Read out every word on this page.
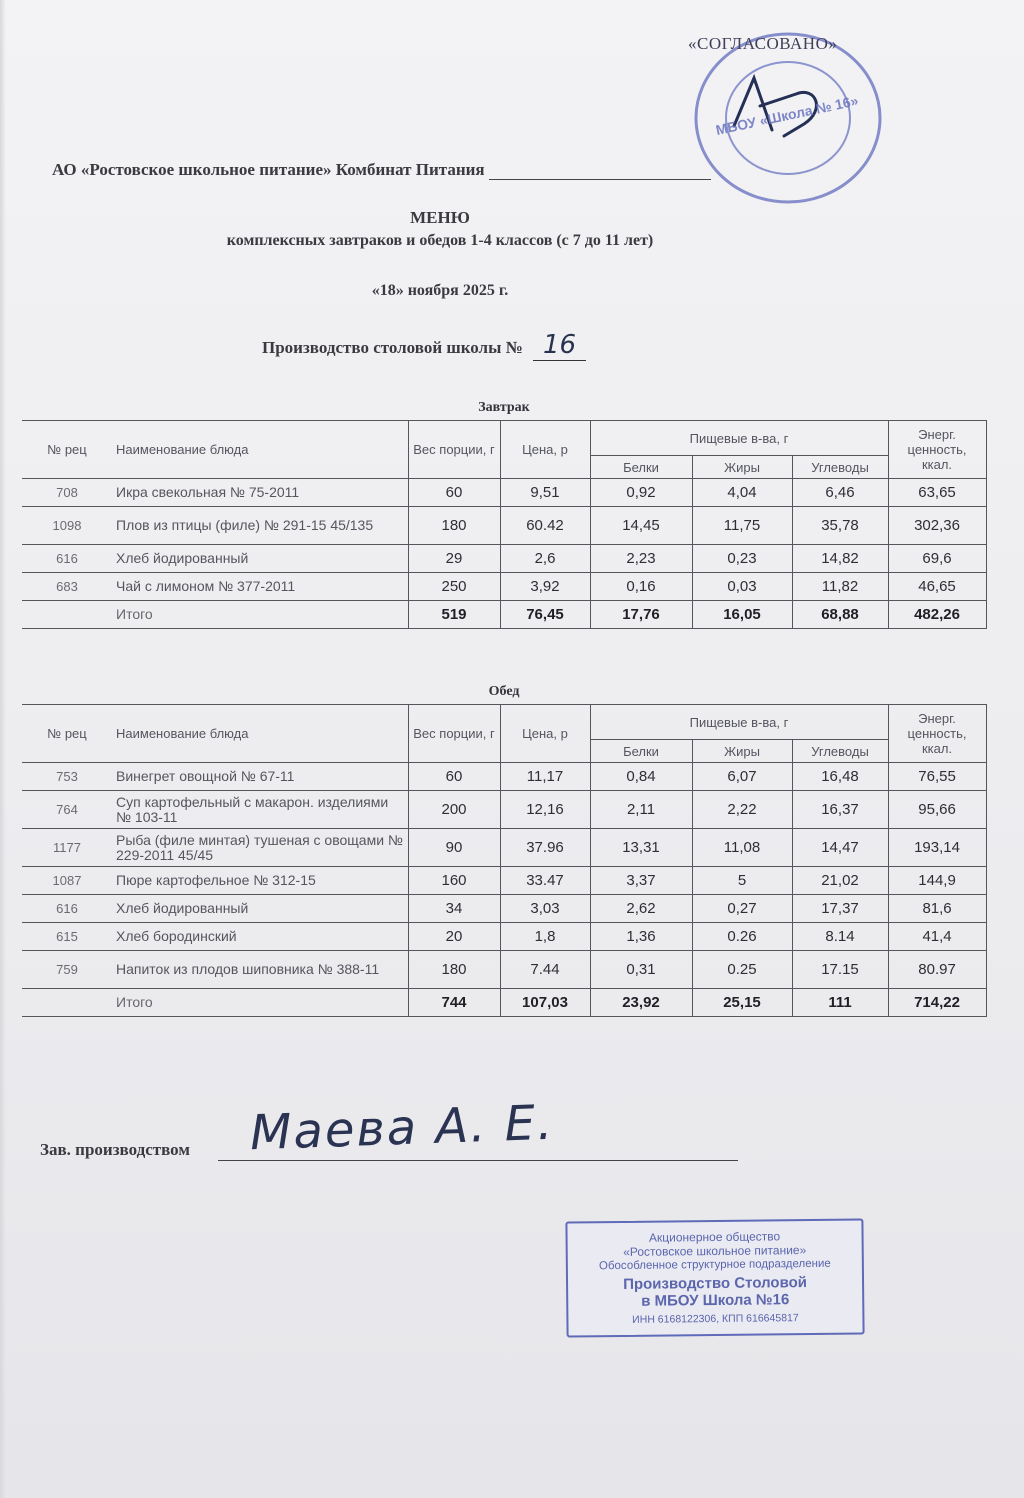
МБОУ «Школа № 16»
«СОГЛАСОВАНО»
АО «Ростовское школьное питание» Комбинат Питания
МЕНЮ
комплексных завтраков и обедов 1-4 классов (с 7 до 11 лет)
«18» ноября 2025 г.
Производство столовой школы № 16
Завтрак							
№ рец	Наименование блюда	Вес порции, г	Цена, р	Пищевые в-ва, г			Энерг. ценность, ккал.
				Белки	Жиры	Углеводы	
708	Икра свекольная № 75-2011	60	9,51	0,92	4,04	6,46	63,65
1098	Плов из птицы (филе) № 291-15 45/135	180	60.42	14,45	11,75	35,78	302,36
616	Хлеб йодированный	29	2,6	2,23	0,23	14,82	69,6
683	Чай с лимоном № 377-2011	250	3,92	0,16	0,03	11,82	46,65
	Итого	519	76,45	17,76	16,05	68,88	482,26
Обед							
№ рец	Наименование блюда	Вес порции, г	Цена, р	Пищевые в-ва, г			Энерг. ценность, ккал.
				Белки	Жиры	Углеводы	
753	Винегрет овощной № 67-11	60	11,17	0,84	6,07	16,48	76,55
764	Суп картофельный с макарон. изделиями № 103-11	200	12,16	2,11	2,22	16,37	95,66
1177	Рыба (филе минтая) тушеная с овощами № 229-2011 45/45	90	37.96	13,31	11,08	14,47	193,14
1087	Пюре картофельное № 312-15	160	33.47	3,37	5	21,02	144,9
616	Хлеб йодированный	34	3,03	2,62	0,27	17,37	81,6
615	Хлеб бородинский	20	1,8	1,36	0.26	8.14	41,4
759	Напиток из плодов шиповника № 388-11	180	7.44	0,31	0.25	17.15	80.97
	Итого	744	107,03	23,92	25,15	111	714,22
Зав. производством Маева А. Е.
Акционерное общество
«Ростовское школьное питание»
Обособленное структурное подразделение
Производство Столовой
в МБОУ Школа №16
ИНН 6168122306, КПП 616645817
